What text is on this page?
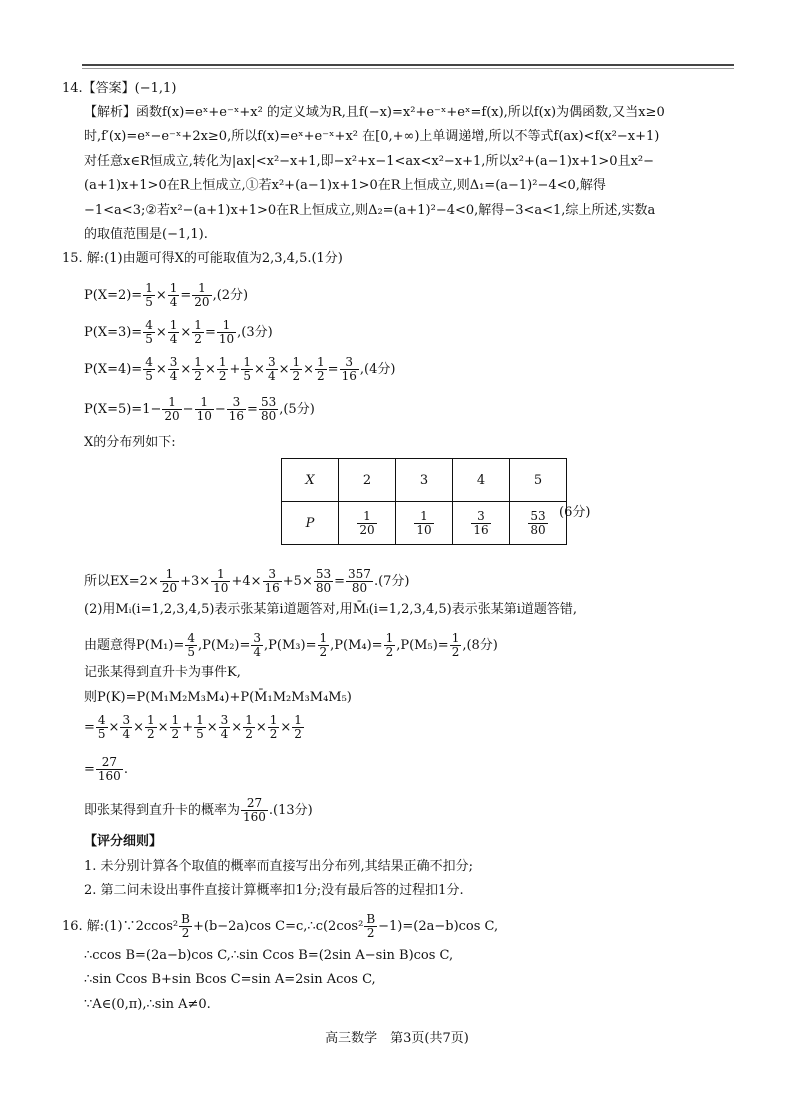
14.【答案】(−1,1)
【解析】函数f(x)=eˣ+e⁻ˣ+x² 的定义域为R,且f(−x)=x²+e⁻ˣ+eˣ=f(x),所以f(x)为偶函数,又当x≥0
时,f′(x)=eˣ−e⁻ˣ+2x≥0,所以f(x)=eˣ+e⁻ˣ+x² 在[0,+∞)上单调递增,所以不等式f(ax)<f(x²−x+1)
对任意x∈R恒成立,转化为|ax|<x²−x+1,即−x²+x−1<ax<x²−x+1,所以x²+(a−1)x+1>0且x²−
(a+1)x+1>0在R上恒成立,①若x²+(a−1)x+1>0在R上恒成立,则Δ₁=(a−1)²−4<0,解得
−1<a<3;②若x²−(a+1)x+1>0在R上恒成立,则Δ₂=(a+1)²−4<0,解得−3<a<1,综上所述,实数a
的取值范围是(−1,1).
15. 解:(1)由题可得X的可能取值为2,3,4,5.(1分)
$P(X=2)= \frac{1}{5} \times \frac{1}{4} = \frac{1}{20} ,(2$分)
$P(X=3)= \frac{4}{5} \times \frac{1}{4} \times \frac{1}{2} = \frac{1}{10} ,(3$分)
$P(X=4)= \frac{4}{5} \times \frac{3}{4} \times \frac{1}{2} \times \frac{1}{2} + \frac{1}{5} \times \frac{3}{4} \times \frac{1}{2} \times \frac{1}{2} = \frac{3}{16} ,(4$分)
$P(X=5)=1- \frac{1}{20} - \frac{1}{10} - \frac{3}{16} = \frac{53}{80} ,(5$分)
X的分布列如下:
X	2	3	4	5
P	$\frac{1}{20}$	$\frac{1}{10}$	$\frac{3}{16}$	$\frac{53}{80} (6$分)
所以$EX=2\times \frac{1}{20} +3\times \frac{1}{10} +4\times \frac{3}{16} +5\times \frac{53}{80} = \frac{357}{80} .(7$分)
(2)用Mᵢ(i=1,2,3,4,5)表示张某第i道题答对,用M̄ᵢ(i=1,2,3,4,5)表示张某第i道题答错,
由题意得$P(M_1)= \frac{4}{5} ,P(M_2)= \frac{3}{4} ,P(M_3)= \frac{1}{2} ,P(M_4)= \frac{1}{2} ,P(M_5)= \frac{1}{2} ,(8$分)
记张某得到直升卡为事件K,
则P(K)=P(M₁M₂M₃M₄)+P(M̄₁M₂M₃M₄M₅)
= $\frac{4}{5} \times \frac{3}{4} \times \frac{1}{2} \times \frac{1}{2} + \frac{1}{5} \times \frac{3}{4} \times \frac{1}{2} \times \frac{1}{2} \times \frac{1}{2}$
= $\frac{27}{160}$ .
即张某得到直升卡的概率为 $\frac{27}{160} .(13$分)
【评分细则】
1. 未分别计算各个取值的概率而直接写出分布列,其结果正确不扣分;
2. 第二问未设出事件直接计算概率扣1分;没有最后答的过程扣1分.
16. 解:(1)∵2ccos² $\frac{B}{2} +(b-2a)\cos$ C=c,∴c(2cos² $\frac{B}{2} -1)=(2a-b)\cos$ C,
∴ccos B=(2a−b)cos C,∴sin Ccos B=(2sin A−sin B)cos C,
∴sin Ccos B+sin Bcos C=sin A=2sin Acos C,
∵A∈(0,π),∴sin A≠0.
高三数学　第3页(共7页)
